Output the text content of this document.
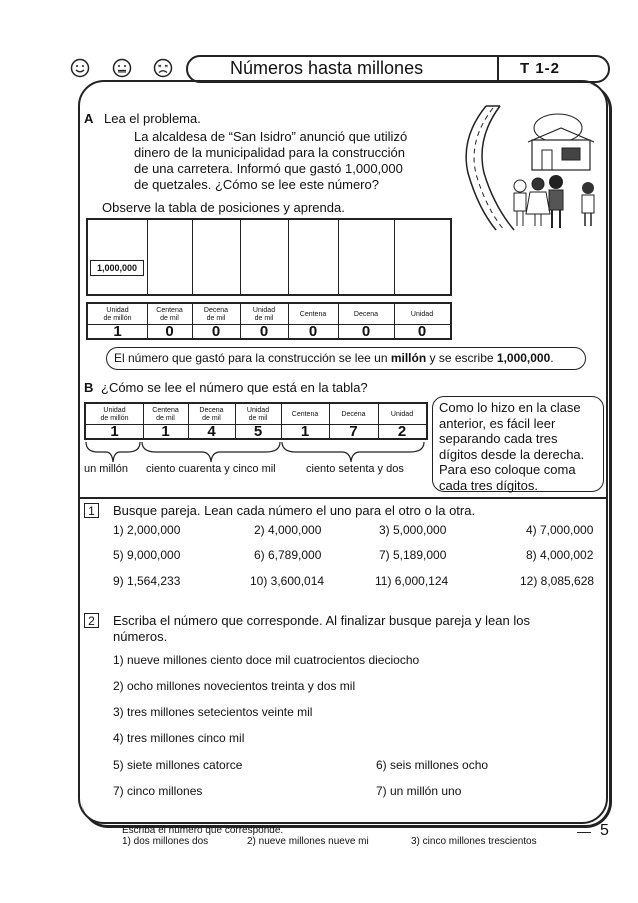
Números hasta millones	T 1-2
A Lea el problema.
La alcaldesa de “San Isidro” anunció que utilizó
dinero de la municipalidad para la construcción
de una carretera. Informó que gastó 1,000,000
de quetzales. ¿Cómo se lee este número?
Observe la tabla de posiciones y aprenda.
1,000,000
Unidad
de millón
Centena
de mil
Decena
de mil
Unidad
de mil
Centena	Decena	Unidad
1	0	0	0	0	0	0
El número que gastó para la construcción se lee un millón y se escribe 1,000,000.
B ¿Cómo se lee el número que está en la tabla?
Unidad
de millón
Centena
de mil
Decena
de mil
Unidad
de mil
Centena	Decena	Unidad
1	1	4	5	1	7	2
un millón ciento cuarenta y cinco mil	ciento setenta y dos
Como lo hizo en la clase
anterior, es fácil leer
separando cada tres
dígitos desde la derecha.
Para eso coloque coma
cada tres dígitos.
1	Busque pareja. Lean cada número el uno para el otro o la otra.
1) 2,000,000	2) 4,000,000	3) 5,000,000	4) 7,000,000
5) 9,000,000	6) 6,789,000	7) 5,189,000	8) 4,000,002
9) 1,564,233	10) 3,600,014	11) 6,000,124	12) 8,085,628
2	Escriba el número que corresponde. Al finalizar busque pareja y lean los
números.
1) nueve millones ciento doce mil cuatrocientos dieciocho
2) ocho millones novecientos treinta y dos mil
3) tres millones setecientos veinte mil
4) tres millones cinco mil
5) siete millones catorce	6) seis millones ocho
7) cinco millones	7) un millón uno
Escriba el número que corresponde.
1) dos millones dos	2) nueve millones nueve mi	3) cinco millones trescientos
5
